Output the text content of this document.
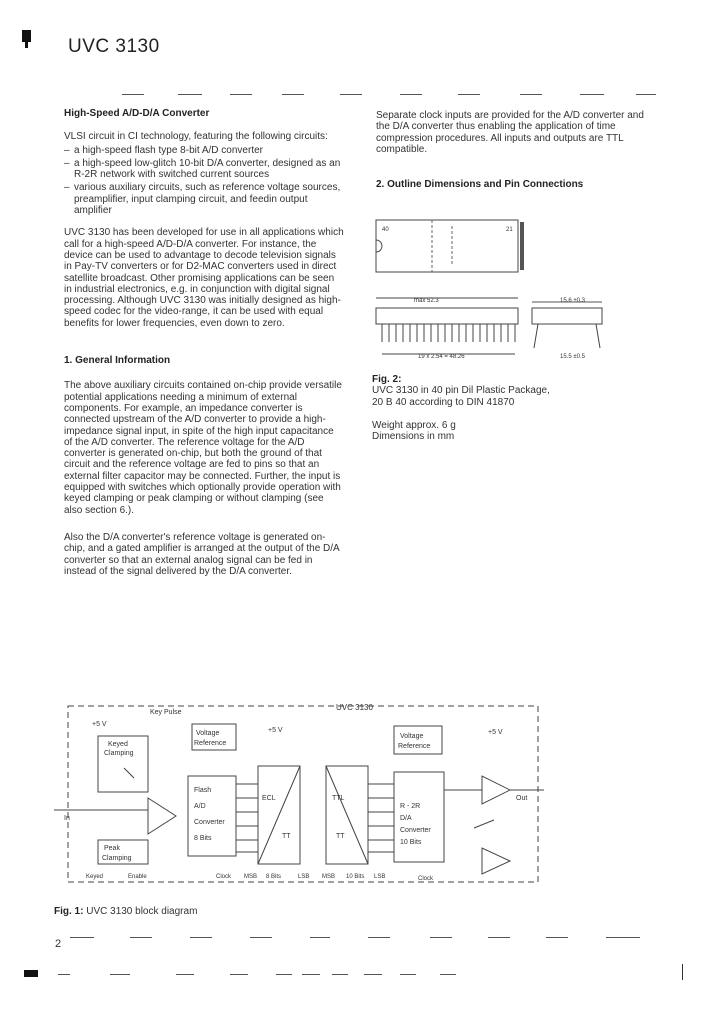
UVC 3130

High-Speed A/D-D/A Converter

VLSI circuit in CI technology, featuring the following circuits:

– a high-speed flash type 8-bit A/D converter
– a high-speed low-glitch 10-bit D/A converter, designed as an R-2R network with switched current sources
– various auxiliary circuits, such as reference voltage sources, preamplifier, input clamping circuit, and feedin output amplifier

UVC 3130 has been developed for use in all applications which call for a high-speed A/D-D/A converter. For instance, the device can be used to advantage to decode television signals in Pay-TV converters or for D2-MAC converters used in direct satellite broadcast. Other promising applications can be seen in industrial electronics, e.g. in conjunction with digital signal processing. Although UVC 3130 was initially designed as high-speed codec for the video-range, it can be used with equal benefits for lower frequencies, even down to zero.

1. General Information

The above auxiliary circuits contained on-chip provide versatile potential applications needing a minimum of external components. For example, an impedance converter is connected upstream of the A/D converter to provide a high-impedance signal input, in spite of the high input capacitance of the A/D converter. The reference voltage for the A/D converter is generated on-chip, but both the ground of that circuit and the reference voltage are fed to pins so that an external filter capacitor may be connected. Further, the input is equipped with switches which optionally provide operation with keyed clamping or peak clamping or without clamping (see also section 6.).

Also the D/A converter's reference voltage is generated on-chip, and a gated amplifier is arranged at the output of the D/A converter so that an external analog signal can be fed in instead of the signal delivered by the D/A converter.

Separate clock inputs are provided for the A/D converter and the D/A converter thus enabling the application of time compression procedures. All inputs and outputs are TTL compatible.

2. Outline Dimensions and Pin Connections

40	21
max 52.3
19 x 2.54 = 48.26
15.6 ±0.3
15.5 ±0.5
Fig. 2:
UVC 3130 in 40 pin Dil Plastic Package,
20 B 40 according to DIN 41870
Weight approx. 6 g
Dimensions in mm
UVC 3130
Key Pulse
+5 V
+5 V	+5 V
Keyed
Clamping
Voltage
Reference
In
Peak
Clamping
Flash
A/D
Converter
8 Bits
ECL
TT
TTL
TT
Voltage
Reference
R - 2R
D/A
Converter
10 Bits
Out
Keyed	Enable	Clock MSB 8 Bits	LSB MSB 10 Bits LSB	Clock
Fig. 1: UVC 3130 block diagram
2
